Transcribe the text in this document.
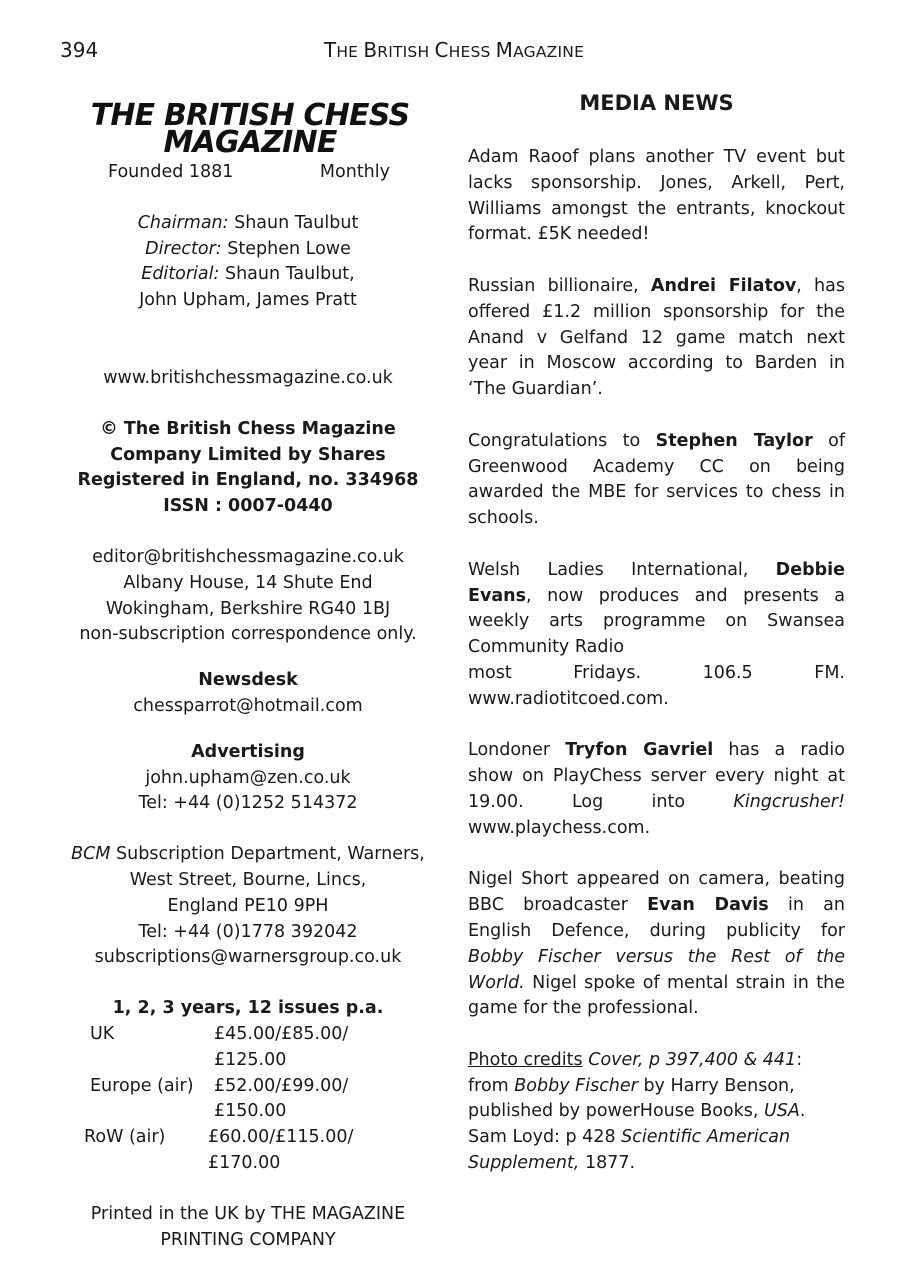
394	THE BRITISH CHESS MAGAZINE
THE BRITISH CHESS
MAGAZINE
Founded 1881	Monthly
Chairman: Shaun Taulbut
Director: Stephen Lowe
Editorial: Shaun Taulbut,
John Upham, James Pratt
www.britishchessmagazine.co.uk
© The British Chess Magazine
Company Limited by Shares
Registered in England, no. 334968
ISSN : 0007-0440
editor@britishchessmagazine.co.uk
Albany House, 14 Shute End
Wokingham, Berkshire RG40 1BJ
non-subscription correspondence only.
Newsdesk
chessparrot@hotmail.com
Advertising
john.upham@zen.co.uk
Tel: +44 (0)1252 514372
BCM Subscription Department, Warners,
West Street, Bourne, Lincs,
England PE10 9PH
Tel: +44 (0)1778 392042
subscriptions@warnersgroup.co.uk
1, 2, 3 years, 12 issues p.a.
UK	£45.00/£85.00/£125.00
Europe (air)	£52.00/£99.00/£150.00
RoW (air)	£60.00/£115.00/£170.00
Printed in the UK by THE MAGAZINE
PRINTING COMPANY
MEDIA NEWS

Adam Raoof plans another TV event but lacks sponsorship. Jones, Arkell, Pert, Williams amongst the entrants, knockout format. £5K needed!

Russian billionaire, Andrei Filatov, has offered £1.2 million sponsorship for the Anand v Gelfand 12 game match next year in Moscow according to Barden in ‘The Guardian’.

Congratulations to Stephen Taylor of Greenwood Academy CC on being awarded the MBE for services to chess in schools.

Welsh Ladies International, Debbie Evans, now produces and presents a weekly arts programme on Swansea Community Radio
most	Fridays.	106.5	FM.
www.radiotitcoed.com.

Londoner Tryfon Gavriel has a radio show on PlayChess server every night at 19.00. Log into Kingcrusher! www.playchess.com.

Nigel Short appeared on camera, beating BBC broadcaster Evan Davis in an English Defence, during publicity for Bobby Fischer versus the Rest of the World. Nigel spoke of mental strain in the game for the professional.

Photo credits Cover, p 397,400 & 441: from Bobby Fischer by Harry Benson, published by powerHouse Books, USA. Sam Loyd: p 428 Scientific American Supplement, 1877.
